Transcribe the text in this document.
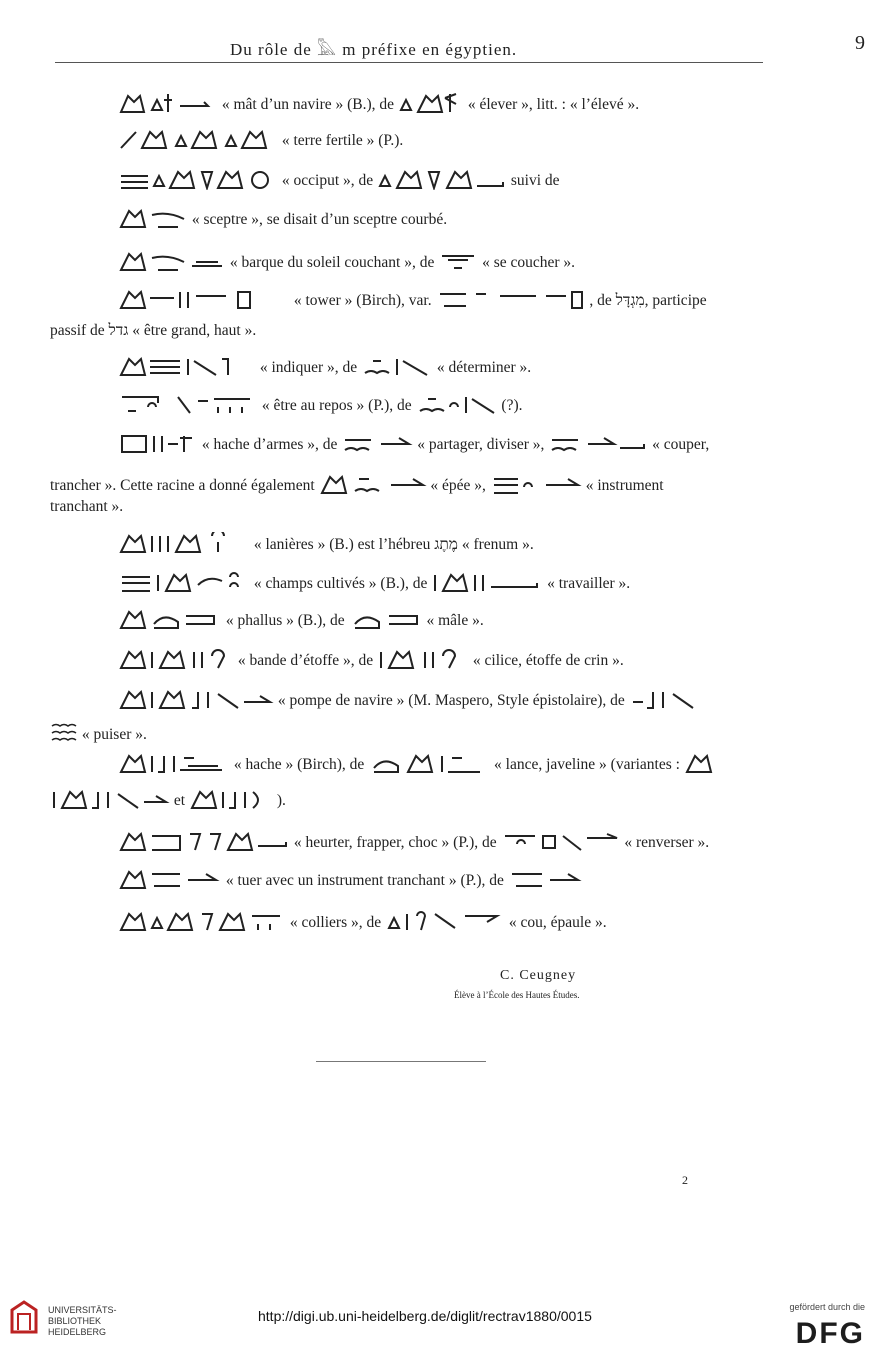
Du rôle de 𓅓 m préfixe en égyptien.	9
« mât d’un navire » (B.), de	« élever », litt. : « l’élevé ».
« terre fertile » (P.).
« occiput », de	suivi de
« sceptre », se disait d’un sceptre courbé.
« barque du soleil couchant », de	« se coucher ».
« tower » (Birch), var.	, de מִגְדָּל, participe
passif de גדל « être grand, haut ».
« indiquer », de	« déterminer ».
« être au repos » (P.), de	(?).
« hache d’armes », de	« partager, diviser »,	« couper,
trancher ». Cette racine a donné également	« épée »,	« instrument
tranchant ».
« lanières » (B.) est l’hébreu מֶתֶג « frenum ».
« champs cultivés » (B.), de	« travailler ».
« phallus » (B.), de	« mâle ».
« bande d’étoffe », de	« cilice, étoffe de crin ».
« pompe de navire » (M. Maspero, Style épistolaire), de
« puiser ».
« hache » (Birch), de	« lance, javeline » (variantes :
et	).
« heurter, frapper, choc » (P.), de	« renverser ».
« tuer avec un instrument tranchant » (P.), de
« colliers », de	« cou, épaule ».
C. Ceugney
Élève à l’École des Hautes Études.
2
UNIVERSITÄTS-
BIBLIOTHEK
HEIDELBERG
http://digi.ub.uni-heidelberg.de/diglit/rectrav1880/0015
gefördert durch die
DFG
